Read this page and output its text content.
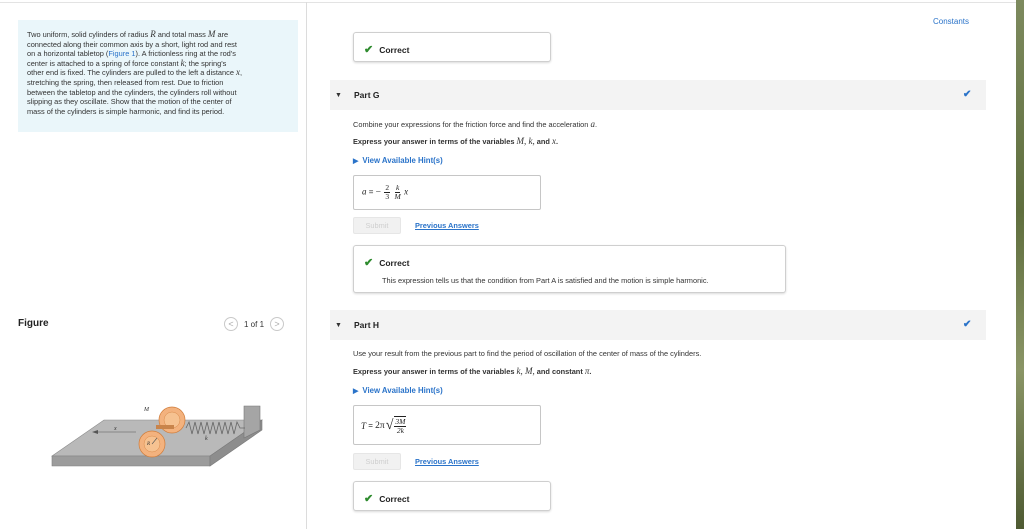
Two uniform, solid cylinders of radius R and total mass M are
connected along their common axis by a short, light rod and rest
on a horizontal tabletop (Figure 1). A frictionless ring at the rod's
center is attached to a spring of force constant k; the spring's
other end is fixed. The cylinders are pulled to the left a distance x,
stretching the spring, then released from rest. Due to friction
between the tabletop and the cylinders, the cylinders roll without
slipping as they oscillate. Show that the motion of the center of
mass of the cylinders is simple harmonic, and find its period.
Figure	<	1 of 1	>
M
x
R
k
Constants
✔ Correct
▼ Part G	✔
Combine your expressions for the friction force and find the acceleration a.
Express your answer in terms of the variables M, k, and x.
▶ View Available Hint(s)
a = − $\frac{2}{3}$
$\frac{k}{M}$ x
Submit	Previous Answers
✔ Correct
This expression tells us that the condition from Part A is satisfied and the motion is simple harmonic.
▼ Part H	✔
Use your result from the previous part to find the period of oscillation of the center of mass of the cylinders.
Express your answer in terms of the variables k, M, and constant π.
▶ View Available Hint(s)
T = 2π √ $\frac{3M}{2k}$
Submit	Previous Answers
✔ Correct
